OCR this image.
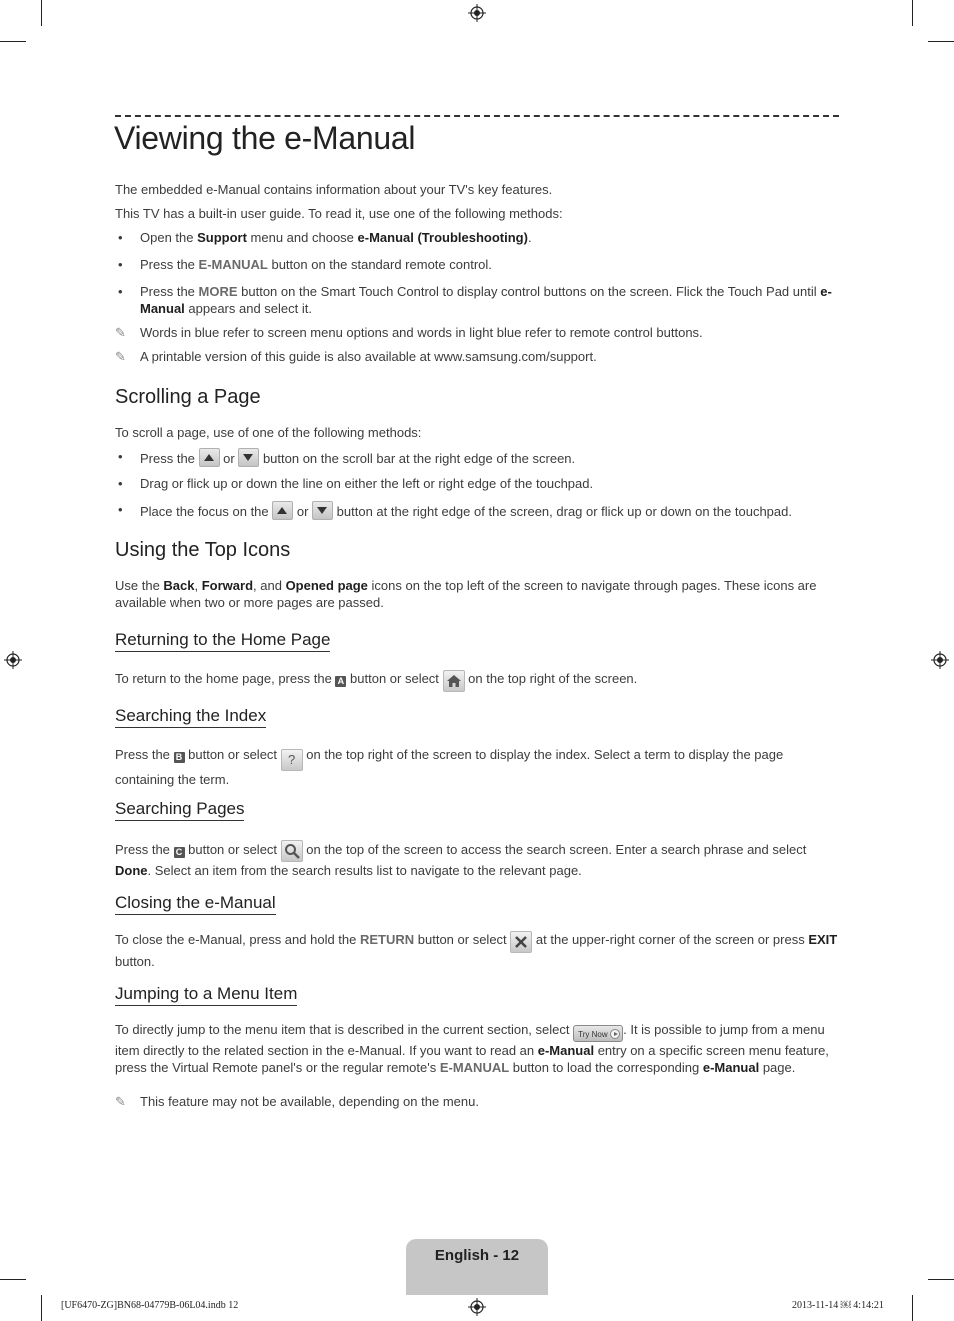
Viewing the e-Manual
The embedded e-Manual contains information about your TV's key features.
This TV has a built-in user guide. To read it, use one of the following methods:
• Open the Support menu and choose e-Manual (Troubleshooting).
• Press the E-MANUAL button on the standard remote control.
• Press the MORE button on the Smart Touch Control to display control buttons on the screen. Flick the Touch Pad until e-Manual appears and select it.
✎ Words in blue refer to screen menu options and words in light blue refer to remote control buttons.
✎ A printable version of this guide is also available at www.samsung.com/support.
Scrolling a Page
To scroll a page, use of one of the following methods:
• Press the  or  button on the scroll bar at the right edge of the screen.
• Drag or flick up or down the line on either the left or right edge of the touchpad.
• Place the focus on the  or  button at the right edge of the screen, drag or flick up or down on the touchpad.
Using the Top Icons
Use the Back, Forward, and Opened page icons on the top left of the screen to navigate through pages. These icons are available when two or more pages are passed.
Returning to the Home Page
To return to the home page, press the A button or select  on the top right of the screen.
Searching the Index
Press the B button or select ? on the top right of the screen to display the index. Select a term to display the page containing the term.
Searching Pages
Press the C button or select  on the top of the screen to access the search screen. Enter a search phrase and select Done. Select an item from the search results list to navigate to the relevant page.
Closing the e-Manual
To close the e-Manual, press and hold the RETURN button or select  at the upper-right corner of the screen or press EXIT button.
Jumping to a Menu Item
To directly jump to the menu item that is described in the current section, select Try Now . It is possible to jump from a menu item directly to the related section in the e-Manual. If you want to read an e-Manual entry on a specific screen menu feature, press the Virtual Remote panel's or the regular remote's E-MANUAL button to load the corresponding e-Manual page.
✎ This feature may not be available, depending on the menu.
English - 12
[UF6470-ZG]BN68-04779B-06L04.indb 12	2013-11-14 ￼ 4:14:21
